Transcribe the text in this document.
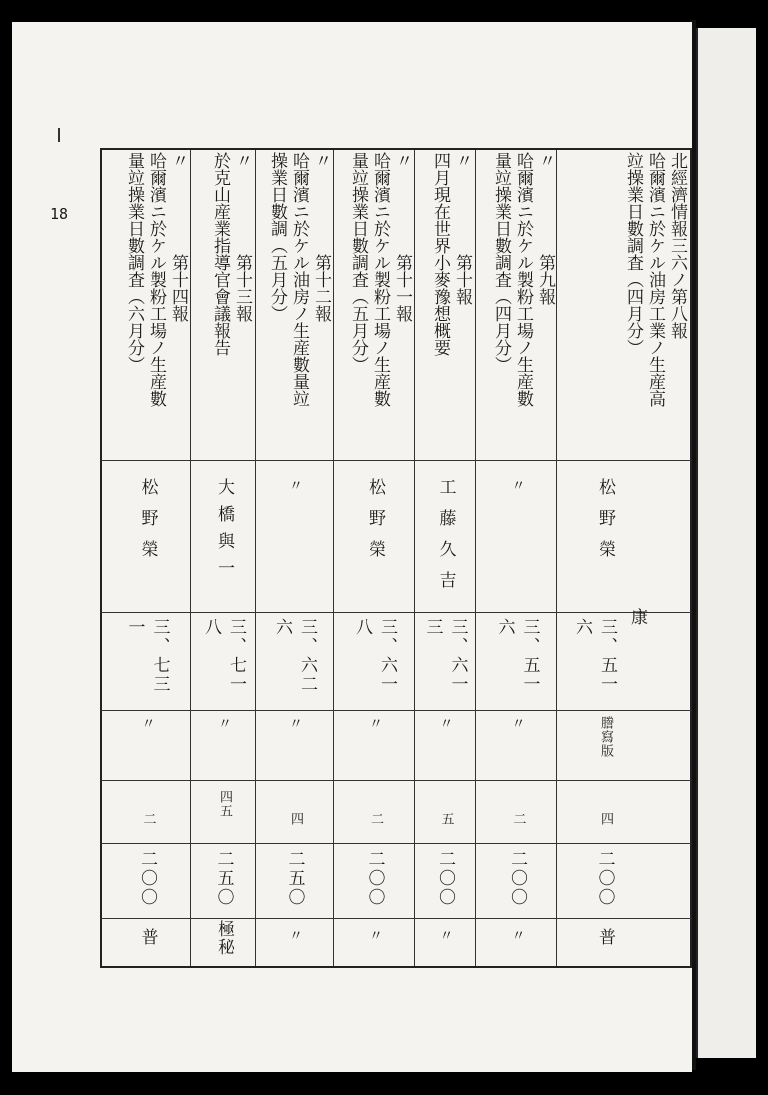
18	北經濟情報三六ノ第八報
哈爾濱ニ於ケル油房工業ノ生産高
竝操業日數調査（四月分）
松野榮
康
三、五一六
謄寫版
四
二〇〇
普
〃　　　　　第九報
哈爾濱ニ於ケル製粉工場ノ生産數
量竝操業日數調査（四月分）
〃
三、五一六
〃
二
二〇〇
〃
〃　　　　　第十報
四月現在世界小麥豫想概要
工藤久吉
三、六一三
〃
五
二〇〇
〃
〃　　　　　第十一報
哈爾濱ニ於ケル製粉工場ノ生産數
量竝操業日數調査（五月分）
松野榮
三、六一八
〃
二
二〇〇
〃
〃　　　　　第十二報
哈爾濱ニ於ケル油房ノ生産數量竝
操業日數調（五月分）
〃
三、六二六
〃
四
二五〇
〃
〃　　　　　第十三報
於克山産業指導官會議報告
大橋與一
三、七一八
〃
四五
二五〇
極秘
〃　　　　　第十四報
哈爾濱ニ於ケル製粉工場ノ生産數
量竝操業日數調査（六月分）
松野榮
三、七三一
〃
二
二〇〇
普
